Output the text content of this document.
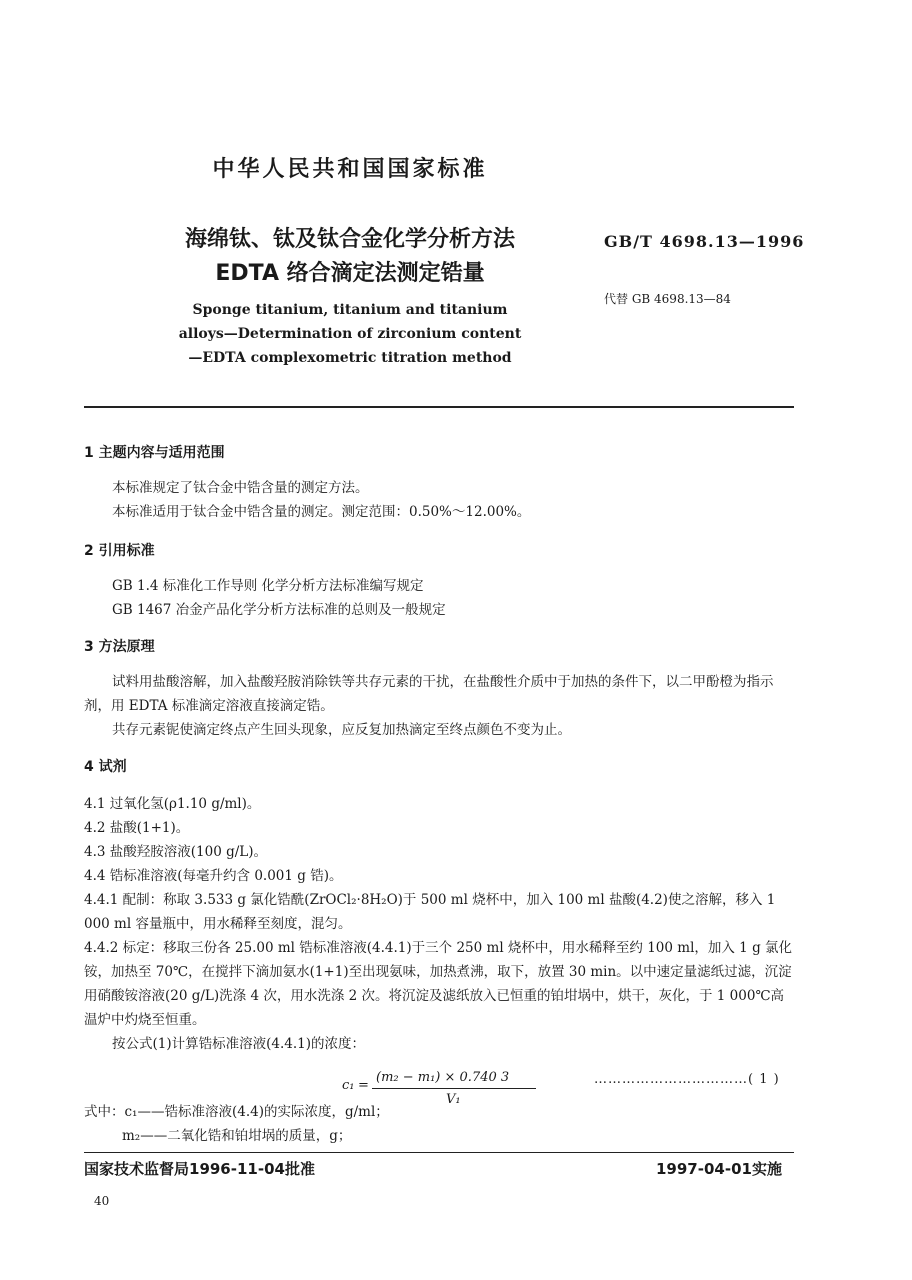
中华人民共和国国家标准
海绵钛、钛及钛合金化学分析方法
EDTA 络合滴定法测定锆量
Sponge titanium, titanium and titanium
alloys—Determination of zirconium content
—EDTA complexometric titration method
GB/T 4698.13—1996
代替 GB 4698.13—84
1 主题内容与适用范围
本标准规定了钛合金中锆含量的测定方法。
本标准适用于钛合金中锆含量的测定。测定范围：0.50%～12.00%。
2 引用标准
GB 1.4 标准化工作导则 化学分析方法标准编写规定
GB 1467 冶金产品化学分析方法标准的总则及一般规定
3 方法原理
试料用盐酸溶解，加入盐酸羟胺消除铁等共存元素的干扰，在盐酸性介质中于加热的条件下，以二甲酚橙为指示剂，用 EDTA 标准滴定溶液直接滴定锆。
共存元素铌使滴定终点产生回头现象，应反复加热滴定至终点颜色不变为止。
4 试剂
4.1 过氧化氢(ρ1.10 g/ml)。
4.2 盐酸(1+1)。
4.3 盐酸羟胺溶液(100 g/L)。
4.4 锆标准溶液(每毫升约含 0.001 g 锆)。
4.4.1 配制：称取 3.533 g 氯化锆酰(ZrOCl₂·8H₂O)于 500 ml 烧杯中，加入 100 ml 盐酸(4.2)使之溶解，移入 1 000 ml 容量瓶中，用水稀释至刻度，混匀。
4.4.2 标定：移取三份各 25.00 ml 锆标准溶液(4.4.1)于三个 250 ml 烧杯中，用水稀释至约 100 ml，加入 1 g 氯化铵，加热至 70℃，在搅拌下滴加氨水(1+1)至出现氨味，加热煮沸，取下，放置 30 min。以中速定量滤纸过滤，沉淀用硝酸铵溶液(20 g/L)洗涤 4 次，用水洗涤 2 次。将沉淀及滤纸放入已恒重的铂坩埚中，烘干，灰化，于 1 000℃高温炉中灼烧至恒重。
按公式(1)计算锆标准溶液(4.4.1)的浓度：
c₁ =
(m₂ − m₁) × 0.740 3
V₁
……………………………( 1 )
式中：c₁——锆标准溶液(4.4)的实际浓度，g/ml；
m₂——二氧化锆和铂坩埚的质量，g；
国家技术监督局1996-11-04批准	1997-04-01实施
40
